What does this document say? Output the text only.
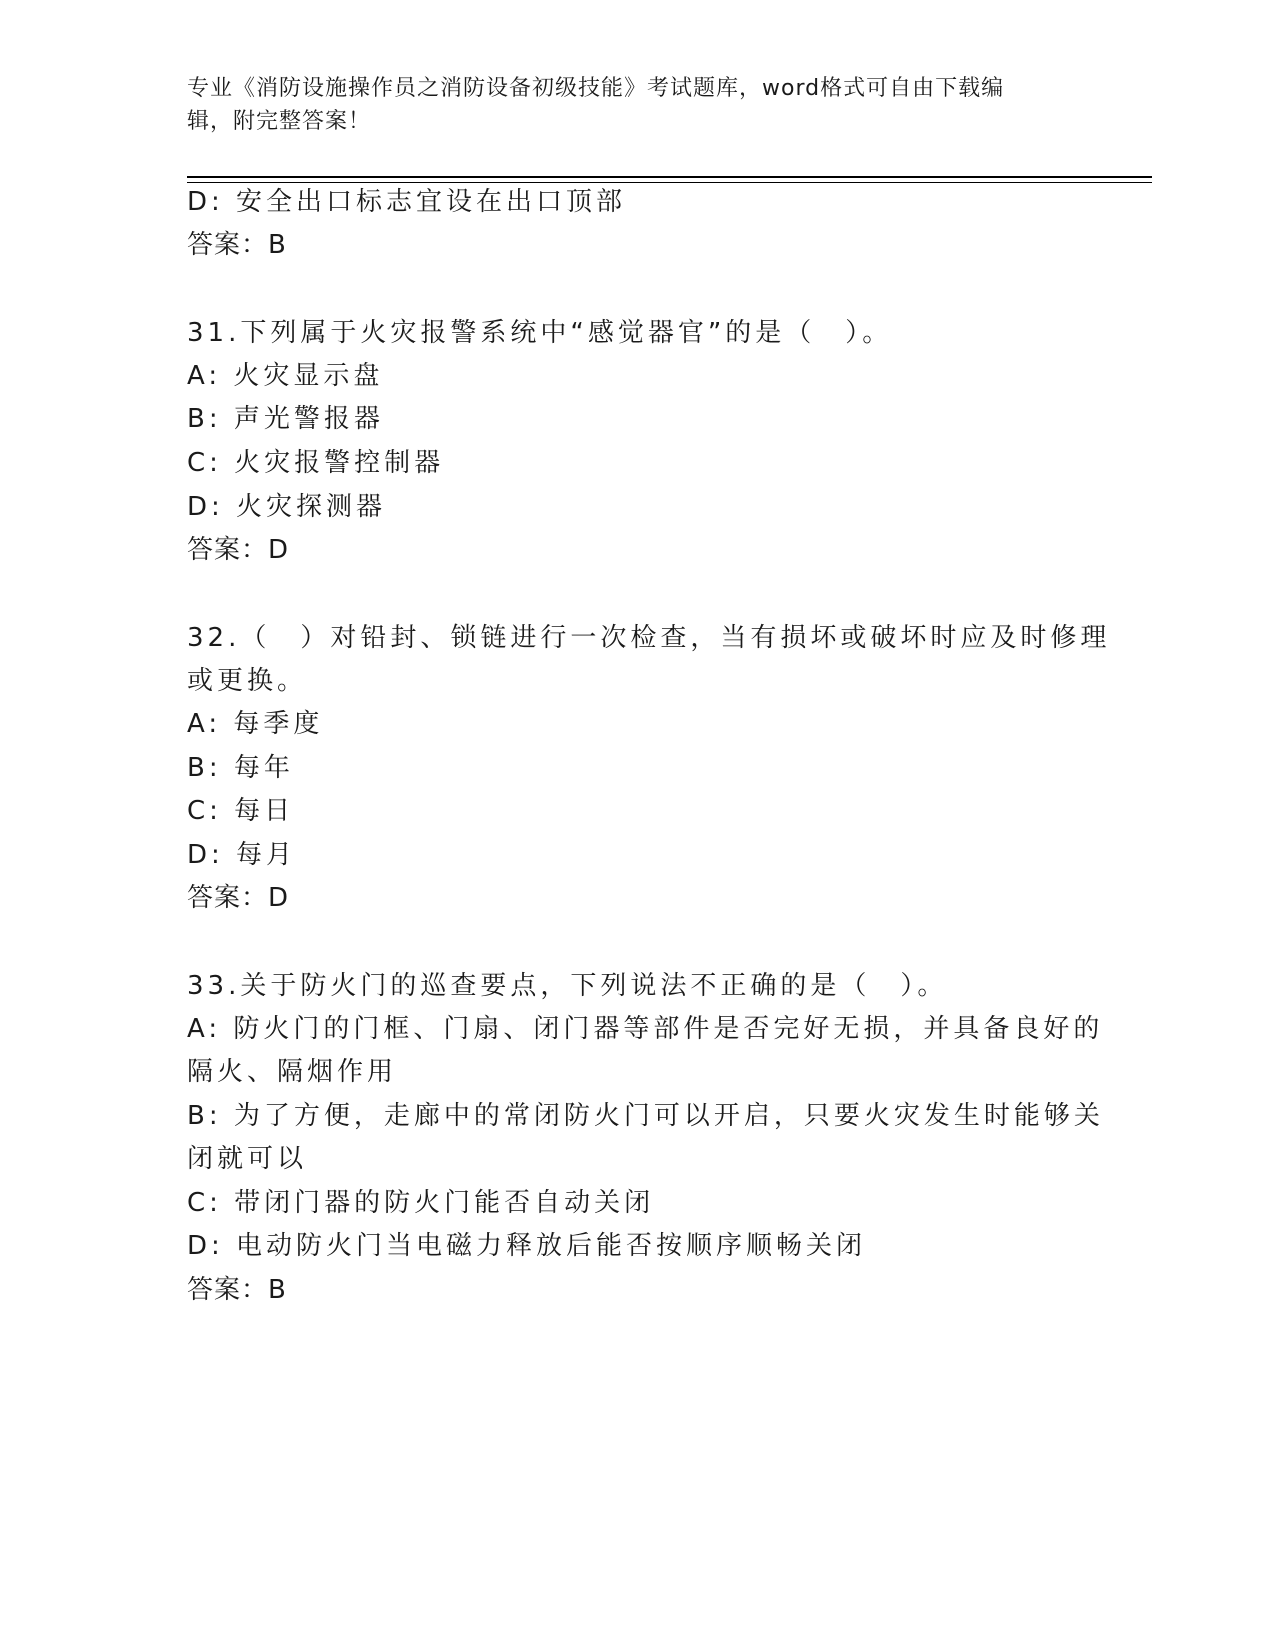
专业《消防设施操作员之消防设备初级技能》考试题库，word格式可自由下载编
辑，附完整答案！
D: 安全出口标志宜设在出口顶部
答案：B
31.下列属于火灾报警系统中“感觉器官”的是（　）。
A: 火灾显示盘
B: 声光警报器
C: 火灾报警控制器
D: 火灾探测器
答案：D
32.（　）对铅封、锁链进行一次检查，当有损坏或破坏时应及时修理
或更换。
A: 每季度
B: 每年
C: 每日
D: 每月
答案：D
33.关于防火门的巡查要点，下列说法不正确的是（　）。
A: 防火门的门框、门扇、闭门器等部件是否完好无损，并具备良好的
隔火、隔烟作用
B: 为了方便，走廊中的常闭防火门可以开启，只要火灾发生时能够关
闭就可以
C: 带闭门器的防火门能否自动关闭
D: 电动防火门当电磁力释放后能否按顺序顺畅关闭
答案：B
